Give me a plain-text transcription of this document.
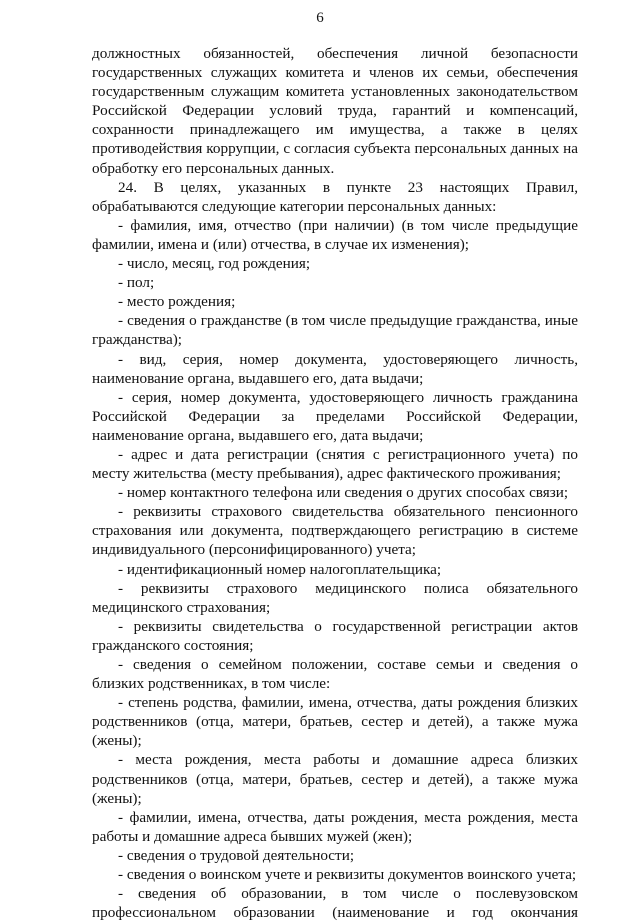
6

должностных обязанностей, обеспечения личной безопасности государственных служащих комитета и членов их семьи, обеспечения государственным служащим комитета установленных законодательством Российской Федерации условий труда, гарантий и компенсаций, сохранности принадлежащего им имущества, а также в целях противодействия коррупции, с согласия субъекта персональных данных на обработку его персональных данных.

24. В целях, указанных в пункте 23 настоящих Правил, обрабатываются следующие категории персональных данных:

- фамилия, имя, отчество (при наличии) (в том числе предыдущие фамилии, имена и (или) отчества, в случае их изменения);

- число, месяц, год рождения;

- пол;

- место рождения;

- сведения о гражданстве (в том числе предыдущие гражданства, иные гражданства);

- вид, серия, номер документа, удостоверяющего личность, наименование органа, выдавшего его, дата выдачи;

- серия, номер документа, удостоверяющего личность гражданина Российской Федерации за пределами Российской Федерации, наименование органа, выдавшего его, дата выдачи;

- адрес и дата регистрации (снятия с регистрационного учета) по месту жительства (месту пребывания), адрес фактического проживания;

- номер контактного телефона или сведения о других способах связи;

- реквизиты страхового свидетельства обязательного пенсионного страхования или документа, подтверждающего регистрацию в системе индивидуального (персонифицированного) учета;

- идентификационный номер налогоплательщика;

- реквизиты страхового медицинского полиса обязательного медицинского страхования;

- реквизиты свидетельства о государственной регистрации актов гражданского состояния;

- сведения о семейном положении, составе семьи и сведения о близких родственниках, в том числе:

- степень родства, фамилии, имена, отчества, даты рождения близких родственников (отца, матери, братьев, сестер и детей), а также мужа (жены);

- места рождения, места работы и домашние адреса близких родственников (отца, матери, братьев, сестер и детей), а также мужа (жены);

- фамилии, имена, отчества, даты рождения, места рождения, места работы и домашние адреса бывших мужей (жен);

- сведения о трудовой деятельности;

- сведения о воинском учете и реквизиты документов воинского учета;

- сведения об образовании, в том числе о послевузовском профессиональном образовании (наименование и год окончания
